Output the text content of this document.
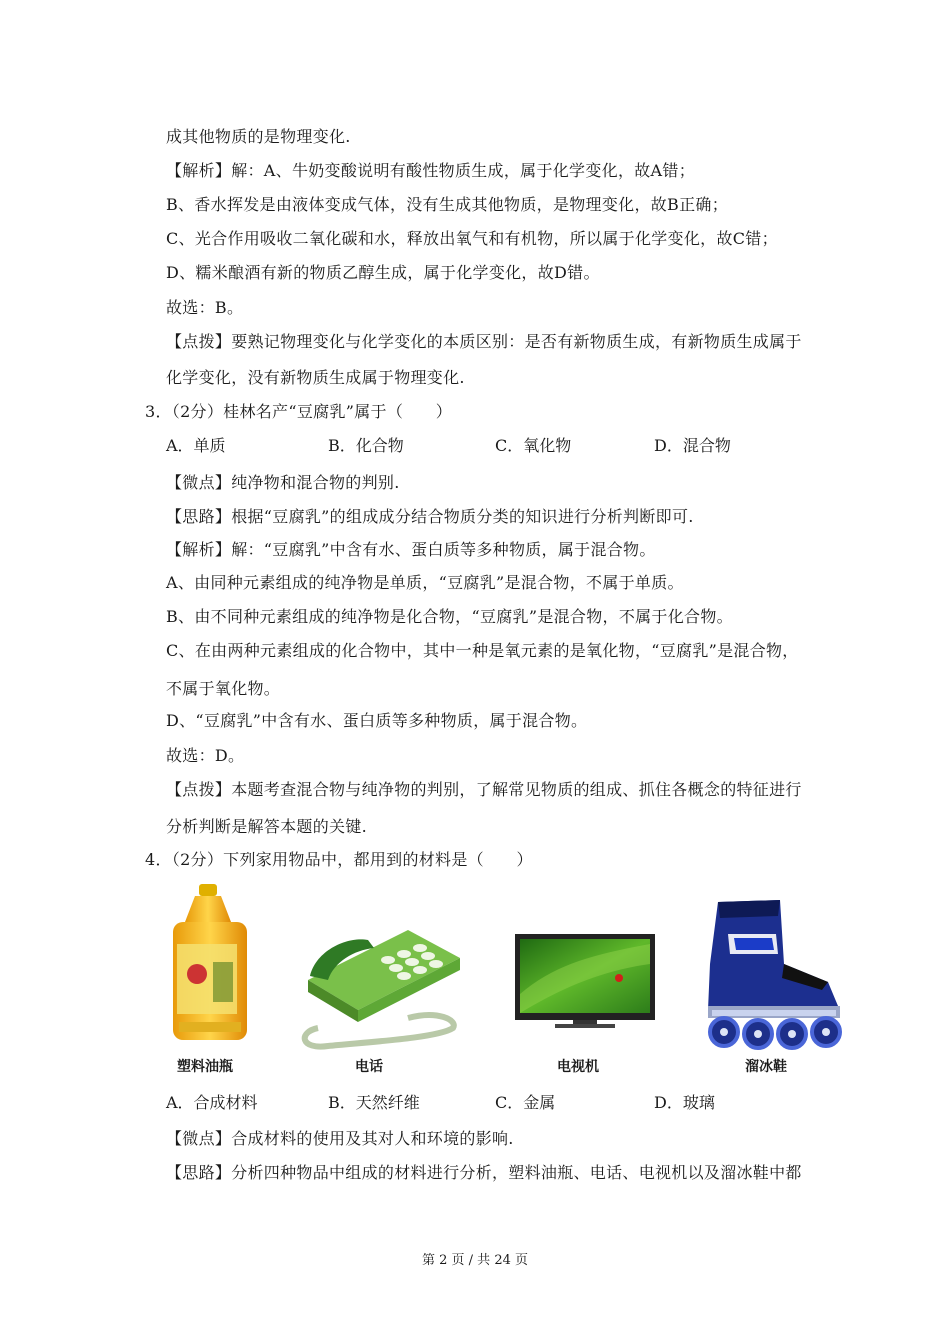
成其他物质的是物理变化.
【解析】解：A、牛奶变酸说明有酸性物质生成，属于化学变化，故A错；
B、香水挥发是由液体变成气体，没有生成其他物质，是物理变化，故B正确；
C、光合作用吸收二氧化碳和水，释放出氧气和有机物，所以属于化学变化，故C错；
D、糯米酿酒有新的物质乙醇生成，属于化学变化，故D错。
故选：B。
【点拨】要熟记物理变化与化学变化的本质区别：是否有新物质生成，有新物质生成属于
化学变化，没有新物质生成属于物理变化.
3．（2分）桂林名产“豆腐乳”属于（　　）
A．单质	B．化合物	C．氧化物	D．混合物
【微点】纯净物和混合物的判别.
【思路】根据“豆腐乳”的组成成分结合物质分类的知识进行分析判断即可.
【解析】解：“豆腐乳”中含有水、蛋白质等多种物质，属于混合物。
A、由同种元素组成的纯净物是单质，“豆腐乳”是混合物，不属于单质。
B、由不同种元素组成的纯净物是化合物，“豆腐乳”是混合物，不属于化合物。
C、在由两种元素组成的化合物中，其中一种是氧元素的是氧化物，“豆腐乳”是混合物，
不属于氧化物。
D、“豆腐乳”中含有水、蛋白质等多种物质，属于混合物。
故选：D。
【点拨】本题考查混合物与纯净物的判别，了解常见物质的组成、抓住各概念的特征进行
分析判断是解答本题的关键.
4．（2分）下列家用物品中，都用到的材料是（　　）
塑料油瓶	电话	电视机	溜冰鞋
A．合成材料	B．天然纤维	C．金属	D．玻璃
【微点】合成材料的使用及其对人和环境的影响.
【思路】分析四种物品中组成的材料进行分析，塑料油瓶、电话、电视机以及溜冰鞋中都
第 2 页 / 共 24 页
